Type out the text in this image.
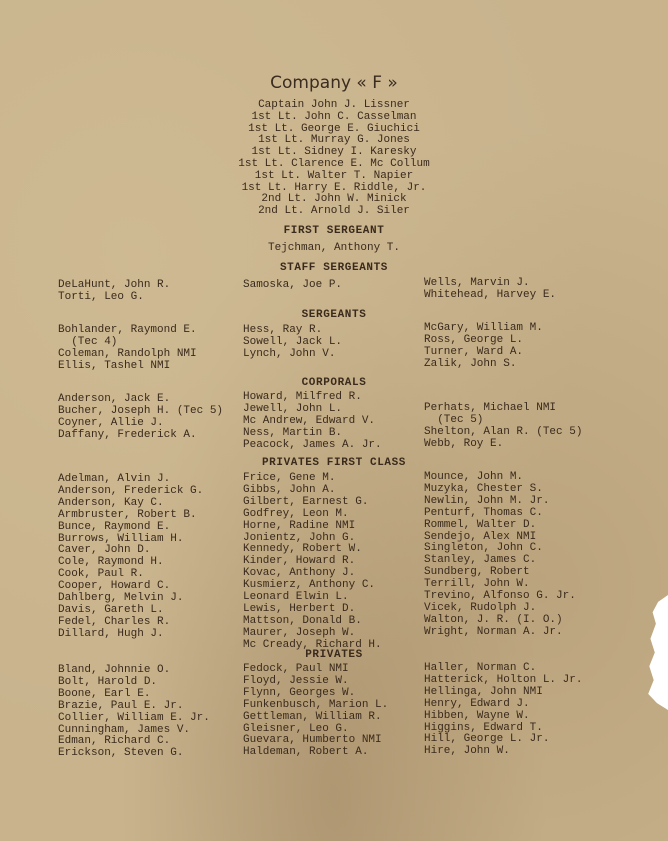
Company « F »
Captain John J. Lissner
1st Lt. John C. Casselman
1st Lt. George E. Giuchici
1st Lt. Murray G. Jones
1st Lt. Sidney I. Karesky
1st Lt. Clarence E. Mc Collum
1st Lt. Walter T. Napier
1st Lt. Harry E. Riddle, Jr.
2nd Lt. John W. Minick
2nd Lt. Arnold J. Siler
FIRST SERGEANT
Tejchman, Anthony T.
STAFF SERGEANTS
DeLaHunt, John R.
Torti, Leo G.
Samoska, Joe P.	Wells, Marvin J.
Whitehead, Harvey E.
SERGEANTS
Bohlander, Raymond E.
(Tec 4)
Coleman, Randolph NMI
Ellis, Tashel NMI
Hess, Ray R.
Sowell, Jack L.
Lynch, John V.
McGary, William M.
Ross, George L.
Turner, Ward A.
Zalik, John S.
CORPORALS
Anderson, Jack E.
Bucher, Joseph H. (Tec 5)
Coyner, Allie J.
Daffany, Frederick A.
Howard, Milfred R.
Jewell, John L.
Mc Andrew, Edward V.
Ness, Martin B.
Peacock, James A. Jr.
Perhats, Michael NMI
(Tec 5)
Shelton, Alan R. (Tec 5)
Webb, Roy E.
PRIVATES FIRST CLASS
Adelman, Alvin J.
Anderson, Frederick G.
Anderson, Kay C.
Armbruster, Robert B.
Bunce, Raymond E.
Burrows, William H.
Caver, John D.
Cole, Raymond H.
Cook, Paul R.
Cooper, Howard C.
Dahlberg, Melvin J.
Davis, Gareth L.
Fedel, Charles R.
Dillard, Hugh J.
Frice, Gene M.
Gibbs, John A.
Gilbert, Earnest G.
Godfrey, Leon M.
Horne, Radine NMI
Jonientz, John G.
Kennedy, Robert W.
Kinder, Howard R.
Kovac, Anthony J.
Kusmierz, Anthony C.
Leonard Elwin L.
Lewis, Herbert D.
Mattson, Donald B.
Maurer, Joseph W.
Mc Cready, Richard H.
Mounce, John M.
Muzyka, Chester S.
Newlin, John M. Jr.
Penturf, Thomas C.
Rommel, Walter D.
Sendejo, Alex NMI
Singleton, John C.
Stanley, James C.
Sundberg, Robert
Terrill, John W.
Trevino, Alfonso G. Jr.
Vicek, Rudolph J.
Walton, J. R. (I. O.)
Wright, Norman A. Jr.
PRIVATES
Bland, Johnnie O.
Bolt, Harold D.
Boone, Earl E.
Brazie, Paul E. Jr.
Collier, William E. Jr.
Cunningham, James V.
Edman, Richard C.
Erickson, Steven G.
Fedock, Paul NMI
Floyd, Jessie W.
Flynn, Georges W.
Funkenbusch, Marion L.
Gettleman, William R.
Gleisner, Leo G.
Guevara, Humberto NMI
Haldeman, Robert A.
Haller, Norman C.
Hatterick, Holton L. Jr.
Hellinga, John NMI
Henry, Edward J.
Hibben, Wayne W.
Higgins, Edward T.
Hill, George L. Jr.
Hire, John W.
